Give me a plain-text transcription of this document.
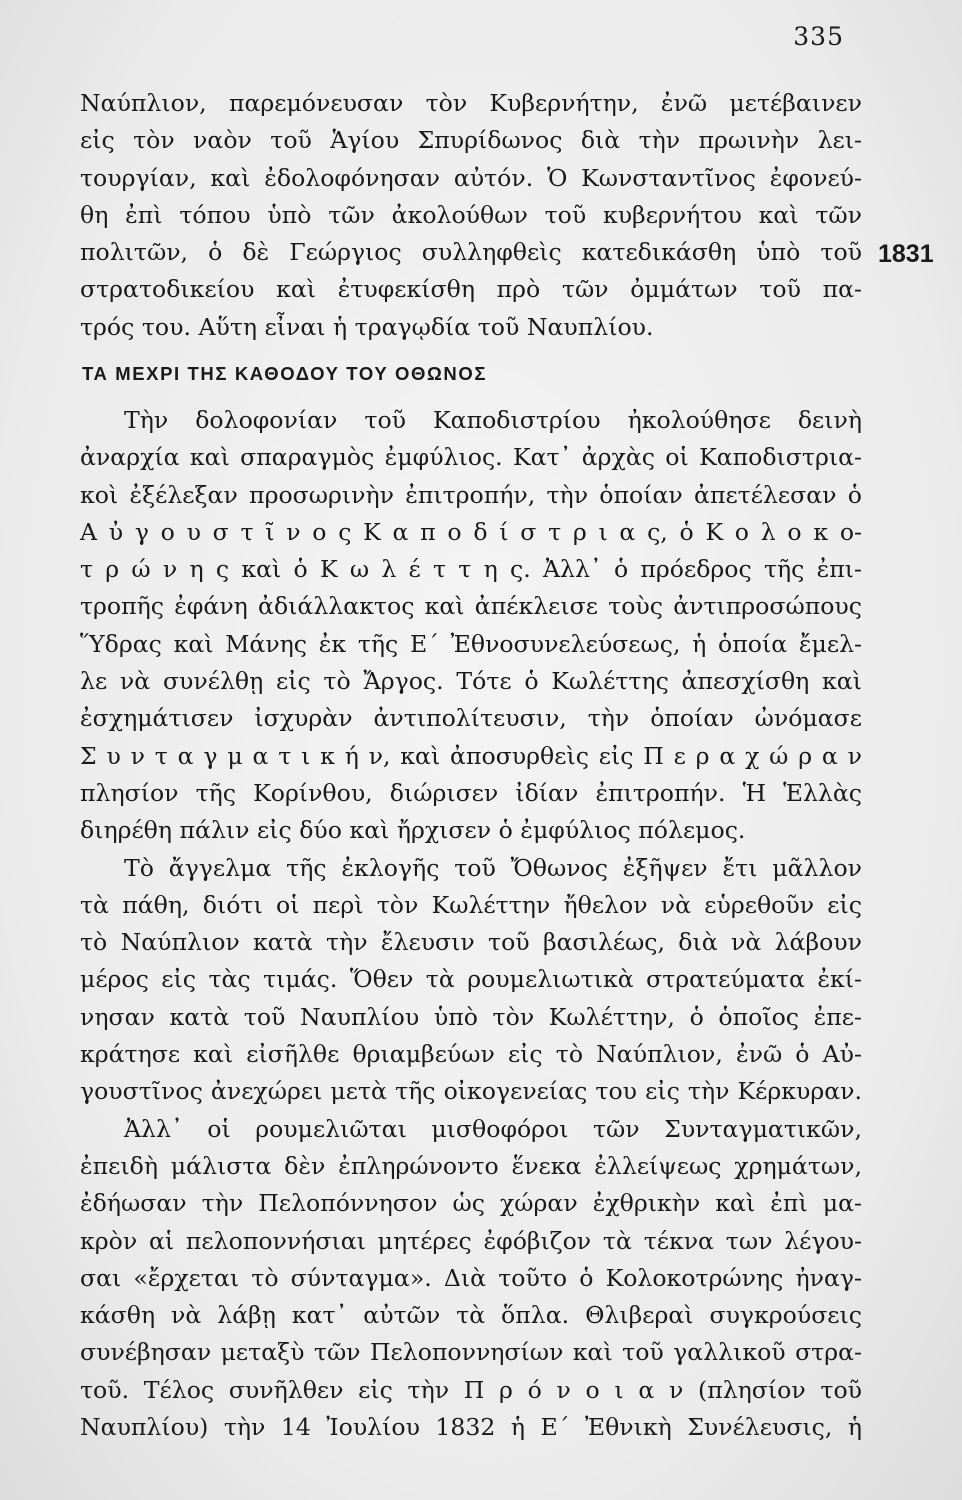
335
1831
Ναύπλιον, παρεμόνευσαν τὸν Κυβερνήτην, ἐνῶ μετέβαινεν
εἰς τὸν ναὸν τοῦ Ἁγίου Σπυρίδωνος διὰ τὴν πρωινὴν λει-
τουργίαν, καὶ ἐδολοφόνησαν αὐτόν. Ὁ Κωνσταντῖνος ἐφονεύ-
θη ἐπὶ τόπου ὑπὸ τῶν ἀκολούθων τοῦ κυβερνήτου καὶ τῶν
πολιτῶν, ὁ δὲ Γεώργιος συλληφθεὶς κατεδικάσθη ὑπὸ τοῦ
στρατοδικείου καὶ ἐτυφεκίσθη πρὸ τῶν ὀμμάτων τοῦ πα-
τρός του. Αὕτη εἶναι ἡ τραγῳδία τοῦ Ναυπλίου.
ΤΑ ΜΕΧΡΙ ΤΗΣ ΚΑΘΟΔΟΥ ΤΟΥ ΟΘΩΝΟΣ
Τὴν δολοφονίαν τοῦ Καποδιστρίου ἠκολούθησε δεινὴ
ἀναρχία καὶ σπαραγμὸς ἐμφύλιος. Κατ᾽ ἀρχὰς οἱ Καποδιστρια-
κοὶ ἐξέλεξαν προσωρινὴν ἐπιτροπήν, τὴν ὁποίαν ἀπετέλεσαν ὁ
Α ὐ γ ο υ σ τ ῖ ν ο ς Κ α π ο δ ί σ τ ρ ι α ς, ὁ Κ ο λ ο κ ο-
τ ρ ώ ν η ς καὶ ὁ Κ ω λ έ τ τ η ς. Ἀλλ᾽ ὁ πρόεδρος τῆς ἐπι-
τροπῆς ἐφάνη ἀδιάλλακτος καὶ ἀπέκλεισε τοὺς ἀντιπροσώπους
Ὕδρας καὶ Μάνης ἐκ τῆς Ε΄ Ἐθνοσυνελεύσεως, ἡ ὁποία ἔμελ-
λε νὰ συνέλθῃ εἰς τὸ Ἄργος. Τότε ὁ Κωλέττης ἀπεσχίσθη καὶ
ἐσχημάτισεν ἰσχυρὰν ἀντιπολίτευσιν, τὴν ὁποίαν ὠνόμασε
Σ υ ν τ α γ μ α τ ι κ ή ν, καὶ ἀποσυρθεὶς εἰς Π ε ρ α χ ώ ρ α ν
πλησίον τῆς Κορίνθου, διώρισεν ἰδίαν ἐπιτροπήν. Ἡ Ἑλλὰς
διηρέθη πάλιν εἰς δύο καὶ ἤρχισεν ὁ ἐμφύλιος πόλεμος.
Τὸ ἄγγελμα τῆς ἐκλογῆς τοῦ Ὄθωνος ἐξῆψεν ἔτι μᾶλλον
τὰ πάθη, διότι οἱ περὶ τὸν Κωλέττην ἤθελον νὰ εὑρεθοῦν εἰς
τὸ Ναύπλιον κατὰ τὴν ἔλευσιν τοῦ βασιλέως, διὰ νὰ λάβουν
μέρος εἰς τὰς τιμάς. Ὅθεν τὰ ρουμελιωτικὰ στρατεύματα ἐκί-
νησαν κατὰ τοῦ Ναυπλίου ὑπὸ τὸν Κωλέττην, ὁ ὁποῖος ἐπε-
κράτησε καὶ εἰσῆλθε θριαμβεύων εἰς τὸ Ναύπλιον, ἐνῶ ὁ Αὐ-
γουστῖνος ἀνεχώρει μετὰ τῆς οἰκογενείας του εἰς τὴν Κέρκυραν.
Ἀλλ᾽ οἱ ρουμελιῶται μισθοφόροι τῶν Συνταγματικῶν,
ἐπειδὴ μάλιστα δὲν ἐπληρώνοντο ἕνεκα ἐλλείψεως χρημάτων,
ἐδήωσαν τὴν Πελοπόννησον ὡς χώραν ἐχθρικὴν καὶ ἐπὶ μα-
κρὸν αἱ πελοποννήσιαι μητέρες ἐφόβιζον τὰ τέκνα των λέγου-
σαι «ἔρχεται τὸ σύνταγμα». Διὰ τοῦτο ὁ Κολοκοτρώνης ἠναγ-
κάσθη νὰ λάβῃ κατ᾽ αὐτῶν τὰ ὅπλα. Θλιβεραὶ συγκρούσεις
συνέβησαν μεταξὺ τῶν Πελοποννησίων καὶ τοῦ γαλλικοῦ στρα-
τοῦ. Τέλος συνῆλθεν εἰς τὴν Π ρ ό ν ο ι α ν (πλησίον τοῦ
Ναυπλίου) τὴν 14 Ἰουλίου 1832 ἡ Ε΄ Ἐθνικὴ Συνέλευσις, ἡ
